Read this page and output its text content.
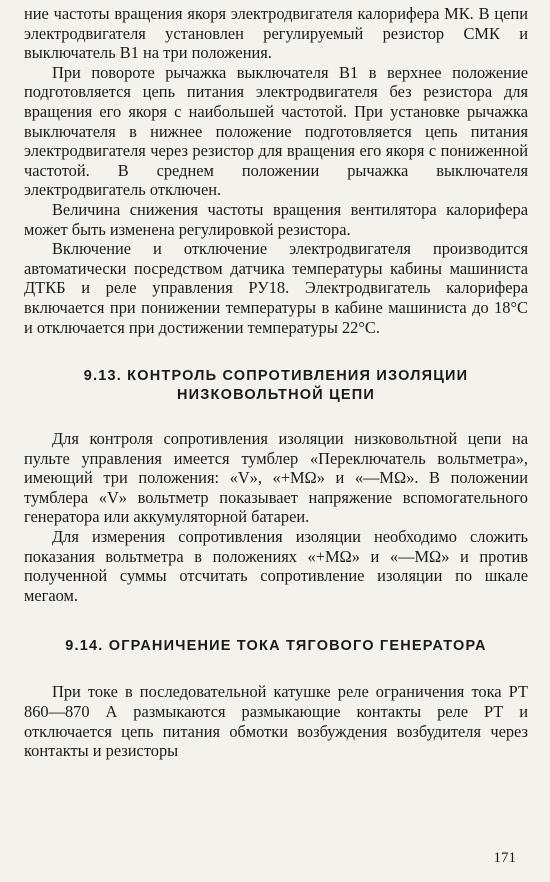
ние частоты вращения якоря электродвигателя калорифера МК. В цепи электродвигателя установлен регулируемый резистор СМК и выключатель В1 на три положения.

При повороте рычажка выключателя В1 в верхнее положение подготовляется цепь питания электродвигателя без резистора для вращения его якоря с наибольшей частотой. При установке рычажка выключателя в нижнее положение подготовляется цепь питания электродвигателя через резистор для вращения его якоря с пониженной частотой. В среднем положении рычажка выключателя электродвигатель отключен.

Величина снижения частоты вращения вентилятора калорифера может быть изменена регулировкой резистора.

Включение и отключение электродвигателя производится автоматически посредством датчика температуры кабины машиниста ДТКБ и реле управления РУ18. Электродвигатель калорифера включается при понижении температуры в кабине машиниста до 18°С и отключается при достижении температуры 22°С.

9.13. КОНТРОЛЬ СОПРОТИВЛЕНИЯ ИЗОЛЯЦИИ
НИЗКОВОЛЬТНОЙ ЦЕПИ

Для контроля сопротивления изоляции низковольтной цепи на пульте управления имеется тумблер «Переключатель вольтметра», имеющий три положения: «V», «+MΩ» и «—MΩ». В положении тумблера «V» вольтметр показывает напряжение вспомогательного генератора или аккумуляторной батареи.

Для измерения сопротивления изоляции необходимо сложить показания вольтметра в положениях «+MΩ» и «—MΩ» и против полученной суммы отсчитать сопротивление изоляции по шкале мегаом.

9.14. ОГРАНИЧЕНИЕ ТОКА ТЯГОВОГО ГЕНЕРАТОРА

При токе в последовательной катушке реле ограничения тока РТ 860—870 А размыкаются размыкающие контакты реле РТ и отключается цепь питания обмотки возбуждения возбудителя через контакты и резисторы

171
